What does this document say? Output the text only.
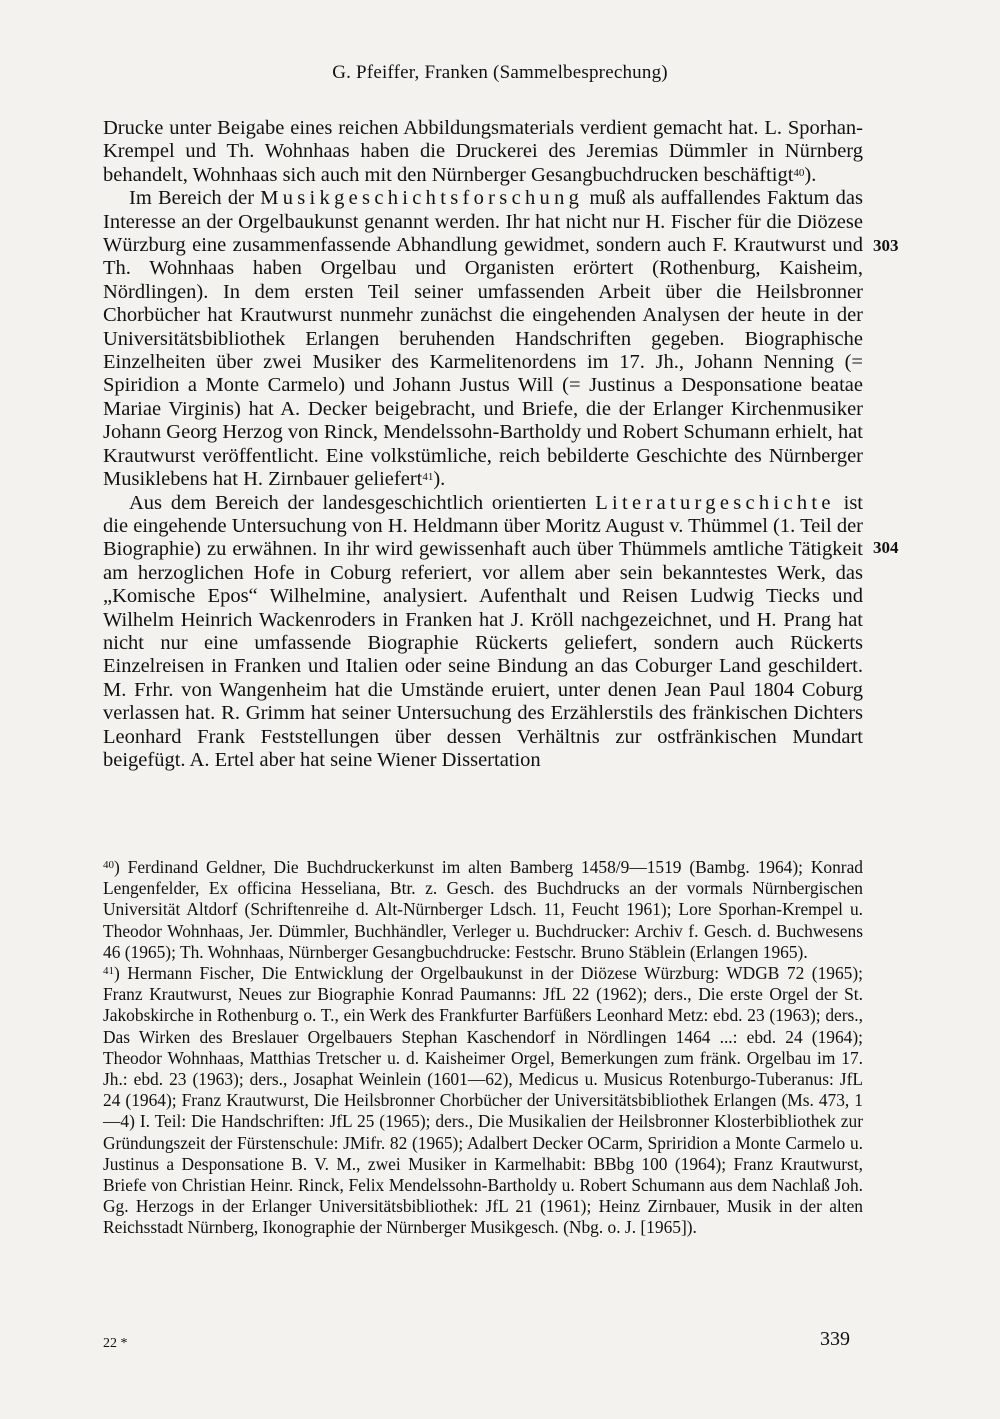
G. Pfeiffer, Franken (Sammelbesprechung)
303
304

Drucke unter Beigabe eines reichen Abbildungsmaterials verdient gemacht hat. L. Sporhan-Krempel und Th. Wohnhaas haben die Druckerei des Jeremias Dümmler in Nürnberg behandelt, Wohnhaas sich auch mit den Nürnberger Gesangbuchdrucken beschäftigt$^{40}$).

Im Bereich der Musikgeschichtsforschung muß als auffallendes Faktum das Interesse an der Orgelbaukunst genannt werden. Ihr hat nicht nur H. Fischer für die Diözese Würzburg eine zusammenfassende Abhandlung gewidmet, sondern auch F. Krautwurst und Th. Wohnhaas haben Orgelbau und Organisten erörtert (Rothenburg, Kaisheim, Nördlingen). In dem ersten Teil seiner umfassenden Arbeit über die Heilsbronner Chorbücher hat Krautwurst nunmehr zunächst die eingehenden Analysen der heute in der Universitätsbibliothek Erlangen beruhenden Handschriften gegeben. Biographische Einzelheiten über zwei Musiker des Karmelitenordens im 17. Jh., Johann Nenning (= Spiridion a Monte Carmelo) und Johann Justus Will (= Justinus a Desponsatione beatae Mariae Virginis) hat A. Decker beigebracht, und Briefe, die der Erlanger Kirchenmusiker Johann Georg Herzog von Rinck, Mendelssohn-Bartholdy und Robert Schumann erhielt, hat Krautwurst veröffentlicht. Eine volkstümliche, reich bebilderte Geschichte des Nürnberger Musiklebens hat H. Zirnbauer geliefert$^{41}$).

Aus dem Bereich der landesgeschichtlich orientierten Literaturgeschichte ist die eingehende Untersuchung von H. Heldmann über Moritz August v. Thümmel (1. Teil der Biographie) zu erwähnen. In ihr wird gewissenhaft auch über Thümmels amtliche Tätigkeit am herzoglichen Hofe in Coburg referiert, vor allem aber sein bekanntestes Werk, das „Komische Epos“ Wilhelmine, analysiert. Aufenthalt und Reisen Ludwig Tiecks und Wilhelm Heinrich Wackenroders in Franken hat J. Kröll nachgezeichnet, und H. Prang hat nicht nur eine umfassende Biographie Rückerts geliefert, sondern auch Rückerts Einzelreisen in Franken und Italien oder seine Bindung an das Coburger Land geschildert. M. Frhr. von Wangenheim hat die Umstände eruiert, unter denen Jean Paul 1804 Coburg verlassen hat. R. Grimm hat seiner Untersuchung des Erzählerstils des fränkischen Dichters Leonhard Frank Feststellungen über dessen Verhältnis zur ostfränkischen Mundart beigefügt. A. Ertel aber hat seine Wiener Dissertation

$^{40}$) Ferdinand Geldner, Die Buchdruckerkunst im alten Bamberg 1458/9—1519 (Bambg. 1964); Konrad Lengenfelder, Ex officina Hesseliana, Btr. z. Gesch. des Buchdrucks an der vormals Nürnbergischen Universität Altdorf (Schriftenreihe d. Alt-Nürnberger Ldsch. 11, Feucht 1961); Lore Sporhan-Krempel u. Theodor Wohnhaas, Jer. Dümmler, Buchhändler, Verleger u. Buchdrucker: Archiv f. Gesch. d. Buchwesens 46 (1965); Th. Wohnhaas, Nürnberger Gesangbuchdrucke: Festschr. Bruno Stäblein (Erlangen 1965).

$^{41}$) Hermann Fischer, Die Entwicklung der Orgelbaukunst in der Diözese Würzburg: WDGB 72 (1965); Franz Krautwurst, Neues zur Biographie Konrad Paumanns: JfL 22 (1962); ders., Die erste Orgel der St. Jakobskirche in Rothenburg o. T., ein Werk des Frankfurter Barfüßers Leonhard Metz: ebd. 23 (1963); ders., Das Wirken des Breslauer Orgelbauers Stephan Kaschendorf in Nördlingen 1464 ...: ebd. 24 (1964); Theodor Wohnhaas, Matthias Tretscher u. d. Kaisheimer Orgel, Bemerkungen zum fränk. Orgelbau im 17. Jh.: ebd. 23 (1963); ders., Josaphat Weinlein (1601—62), Medicus u. Musicus Rotenburgo-Tuberanus: JfL 24 (1964); Franz Krautwurst, Die Heilsbronner Chorbücher der Universitätsbibliothek Erlangen (Ms. 473, 1—4) I. Teil: Die Handschriften: JfL 25 (1965); ders., Die Musikalien der Heilsbronner Klosterbibliothek zur Gründungszeit der Fürstenschule: JMifr. 82 (1965); Adalbert Decker OCarm, Spriridion a Monte Carmelo u. Justinus a Desponsatione B. V. M., zwei Musiker in Karmelhabit: BBbg 100 (1964); Franz Krautwurst, Briefe von Christian Heinr. Rinck, Felix Mendelssohn-Bartholdy u. Robert Schumann aus dem Nachlaß Joh. Gg. Herzogs in der Erlanger Universitätsbibliothek: JfL 21 (1961); Heinz Zirnbauer, Musik in der alten Reichsstadt Nürnberg, Ikonographie der Nürnberger Musikgesch. (Nbg. o. J. [1965]).

22 *	339
